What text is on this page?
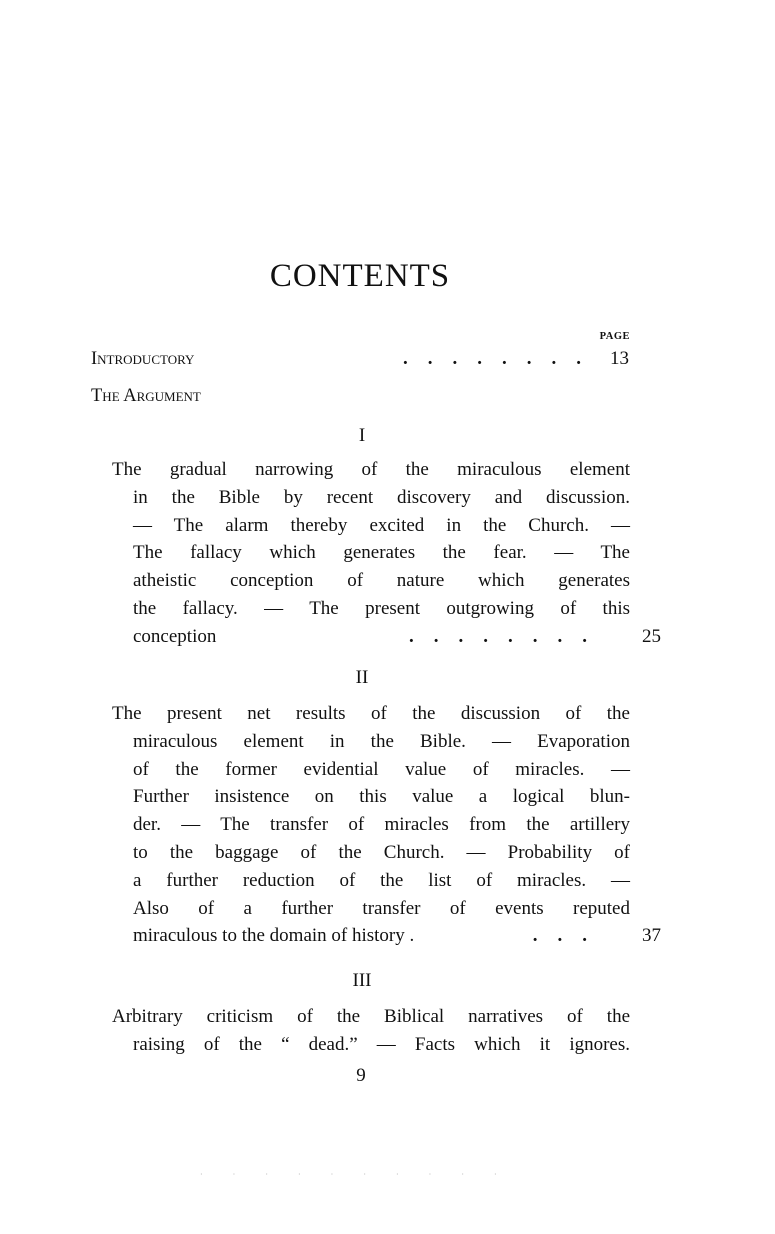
CONTENTS
PAGE
Introductory	........ 13
The Argument
I
The gradual narrowing of the miraculous element
in the Bible by recent discovery and discussion.
— The alarm thereby excited in the Church. —
The fallacy which generates the fear. — The
atheistic conception of nature which generates
the fallacy. — The present outgrowing of this
conception	........	25
II
The present net results of the discussion of the
miraculous element in the Bible. — Evaporation
of the former evidential value of miracles. —
Further insistence on this value a logical blun-
der. — The transfer of miracles from the artillery
to the baggage of the Church. — Probability of
a further reduction of the list of miracles. —
Also of a further transfer of events reputed
miraculous to the domain of history .	...	37
III
Arbitrary criticism of the Biblical narratives of the
raising of the “ dead.” — Facts which it ignores.
9
· · · · · · · · · ·
